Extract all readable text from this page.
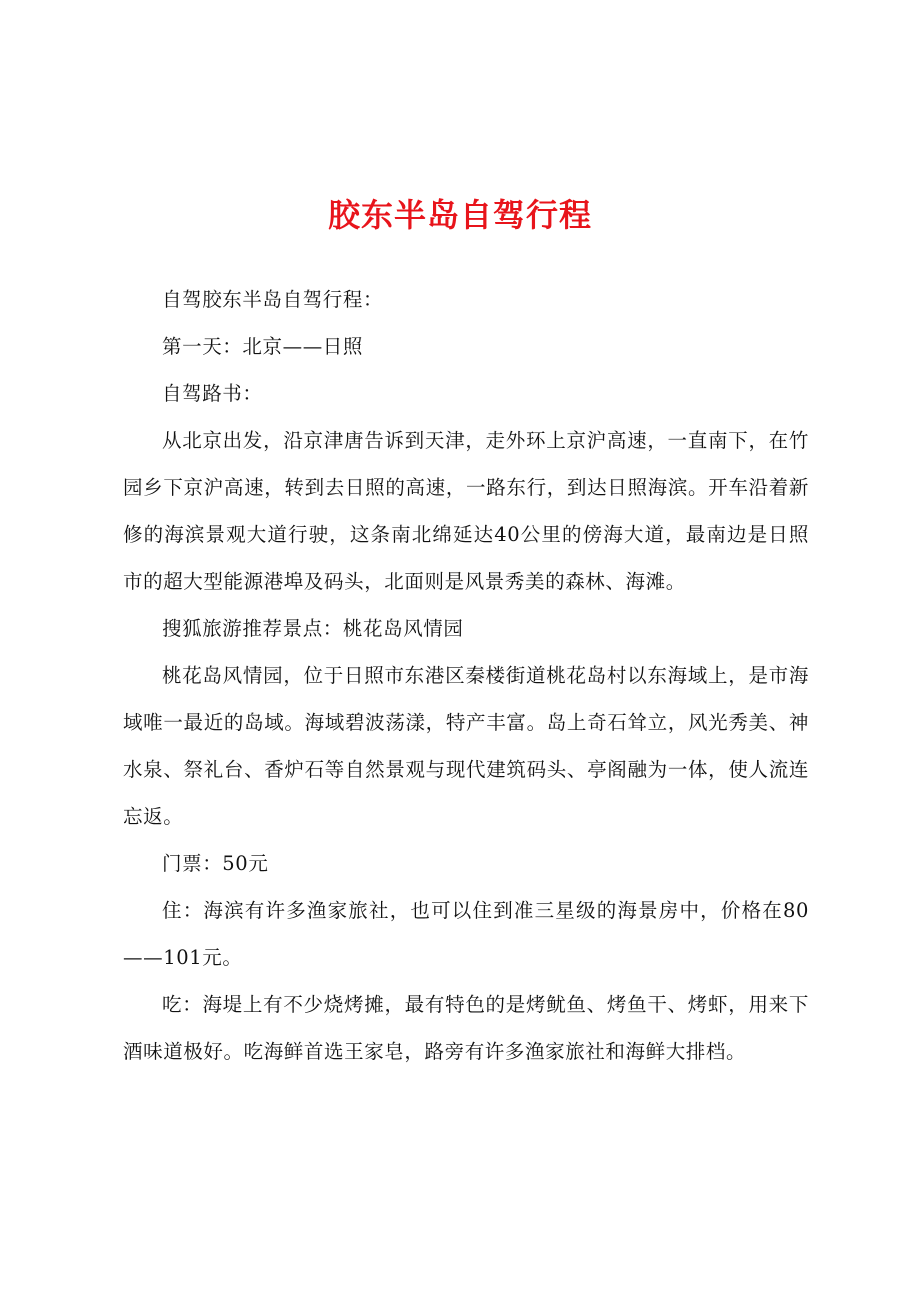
胶东半岛自驾行程

自驾胶东半岛自驾行程：

第一天：北京——日照

自驾路书：

从北京出发，沿京津唐告诉到天津，走外环上京沪高速，一直南下，在竹园乡下京沪高速，转到去日照的高速，一路东行，到达日照海滨。开车沿着新修的海滨景观大道行驶，这条南北绵延达40公里的傍海大道，最南边是日照市的超大型能源港埠及码头，北面则是风景秀美的森林、海滩。

搜狐旅游推荐景点：桃花岛风情园

桃花岛风情园，位于日照市东港区秦楼街道桃花岛村以东海域上，是市海域唯一最近的岛域。海域碧波荡漾，特产丰富。岛上奇石耸立，风光秀美、神水泉、祭礼台、香炉石等自然景观与现代建筑码头、亭阁融为一体，使人流连忘返。

门票：50元

住：海滨有许多渔家旅社，也可以住到准三星级的海景房中，价格在80——101元。

吃：海堤上有不少烧烤摊，最有特色的是烤鱿鱼、烤鱼干、烤虾，用来下酒味道极好。吃海鲜首选王家皂，路旁有许多渔家旅社和海鲜大排档。
